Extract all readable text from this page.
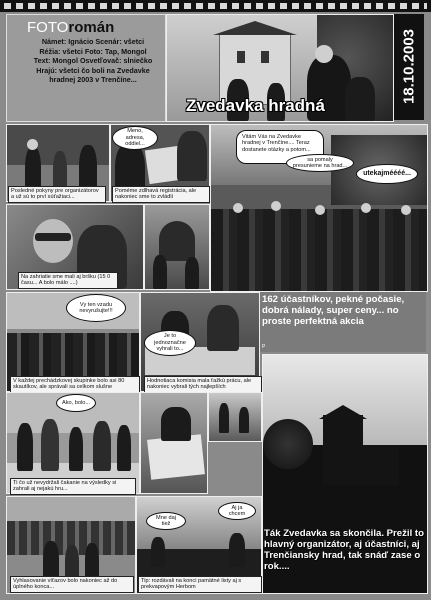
FOTOromán
Námet: Ignácio Scenár: všetci
Réžia: všetci Foto: Tap, Mongol
Text: Mongol Osvetľovač: slniečko
Hrajú: všetci čo boli na Zvedavke
hradnej 2003 v Trenčíne...
Zvedavka hradná
18.10.2003
Posledné pokyny pre organizátorov a už sú to prví súťažiaci...
Meno, adresa, oddiel...
Poméme zdlhavá registrácia, ale nakoniec sme to zvládli
Vitám Vás na Zvedavke hradnej v Trenčíne.... Teraz dostanete otázky a potom...
sa pomaly presunieme na hrad...
utekajméééé...
Na zahriatie sme mali aj bršku (15 0 času... A bolo málo ....)
Vy ten vzadu nevyrušujte!!!
V každej prechádzkovej skupinke bolo asi 80 skautíkov, ale správali sa celkom slušne
Je to jednoznačne vyhrali to...
Hodnotiaca komisia mala ťažkú prácu, ale nakoniec vybrali tých najlepších
162 účastníkov, pekné počasie, dobrá nálady, super ceny... no proste perfektná akcia
P
Ako, bolo...
Ti čo už nevydržali čakanie na výsledky si zahrali aj nejakú hru...
Ták Zvedavka sa skončila. Prežil to hlavný organizátor, aj účastníci, aj Trenčiansky hrad, tak snáď zase o rok....
Vyhlasovanie víťazov bolo nakoniec až do úplného konca...
Mne daj tiež
Aj ja chcem
Tip: rozdávali na konci pamätné listy aj s prekvapovým Herbom
